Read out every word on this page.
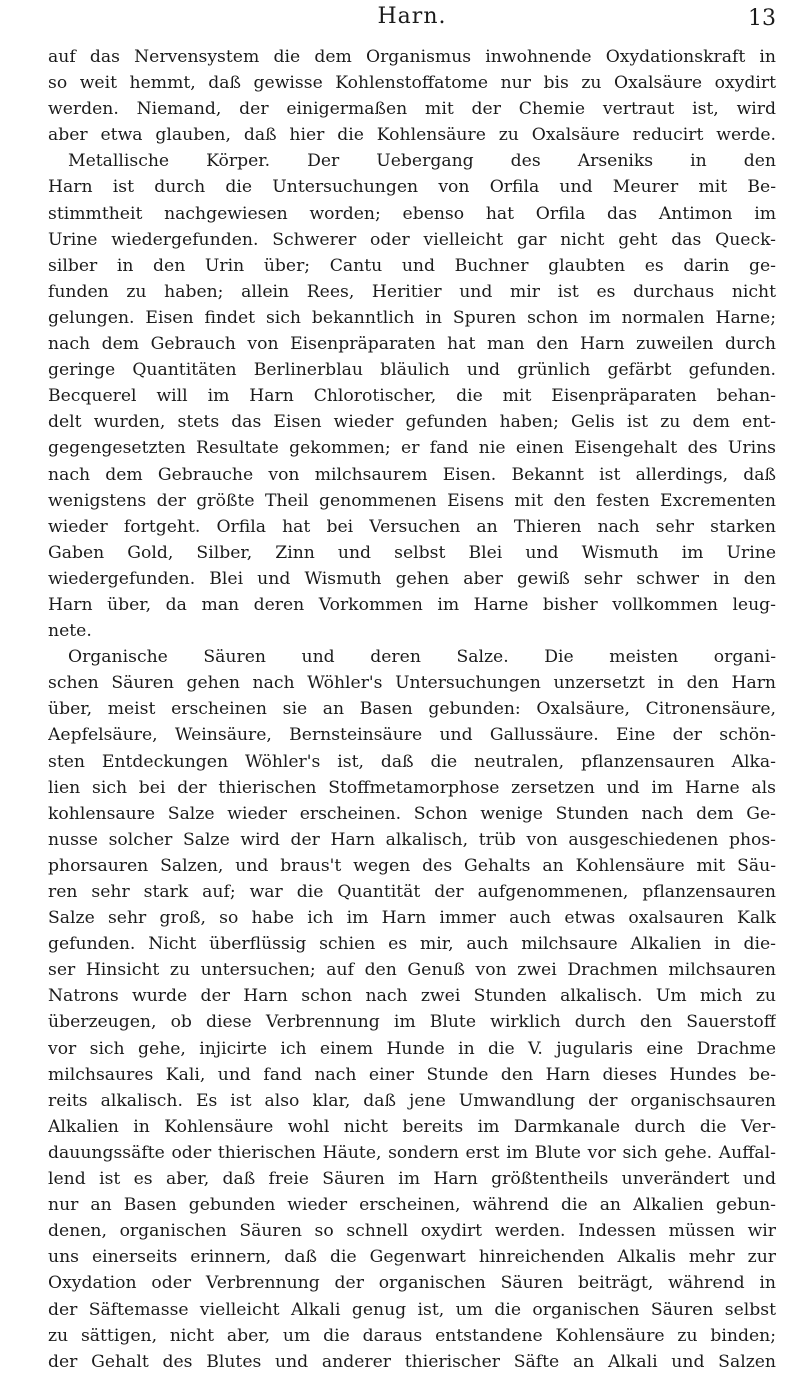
Harn.	13
auf das Nervensystem die dem Organismus inwohnende Oxydationskraft in
so weit hemmt, daß gewisse Kohlenstoffatome nur bis zu Oxalsäure oxydirt
werden. Niemand, der einigermaßen mit der Chemie vertraut ist, wird
aber etwa glauben, daß hier die Kohlensäure zu Oxalsäure reducirt werde.
Metallische Körper. Der Uebergang des Arseniks in den
Harn ist durch die Untersuchungen von Orfila und Meurer mit Be-
stimmtheit nachgewiesen worden; ebenso hat Orfila das Antimon im
Urine wiedergefunden. Schwerer oder vielleicht gar nicht geht das Queck-
silber in den Urin über; Cantu und Buchner glaubten es darin ge-
funden zu haben; allein Rees, Heritier und mir ist es durchaus nicht
gelungen. Eisen findet sich bekanntlich in Spuren schon im normalen Harne;
nach dem Gebrauch von Eisenpräparaten hat man den Harn zuweilen durch
geringe Quantitäten Berlinerblau bläulich und grünlich gefärbt gefunden.
Becquerel will im Harn Chlorotischer, die mit Eisenpräparaten behan-
delt wurden, stets das Eisen wieder gefunden haben; Gelis ist zu dem ent-
gegengesetzten Resultate gekommen; er fand nie einen Eisengehalt des Urins
nach dem Gebrauche von milchsaurem Eisen. Bekannt ist allerdings, daß
wenigstens der größte Theil genommenen Eisens mit den festen Excrementen
wieder fortgeht. Orfila hat bei Versuchen an Thieren nach sehr starken
Gaben Gold, Silber, Zinn und selbst Blei und Wismuth im Urine
wiedergefunden. Blei und Wismuth gehen aber gewiß sehr schwer in den
Harn über, da man deren Vorkommen im Harne bisher vollkommen leug-
nete.
Organische Säuren und deren Salze. Die meisten organi-
schen Säuren gehen nach Wöhler's Untersuchungen unzersetzt in den Harn
über, meist erscheinen sie an Basen gebunden: Oxalsäure, Citronensäure,
Aepfelsäure, Weinsäure, Bernsteinsäure und Gallussäure. Eine der schön-
sten Entdeckungen Wöhler's ist, daß die neutralen, pflanzensauren Alka-
lien sich bei der thierischen Stoffmetamorphose zersetzen und im Harne als
kohlensaure Salze wieder erscheinen. Schon wenige Stunden nach dem Ge-
nusse solcher Salze wird der Harn alkalisch, trüb von ausgeschiedenen phos-
phorsauren Salzen, und braus't wegen des Gehalts an Kohlensäure mit Säu-
ren sehr stark auf; war die Quantität der aufgenommenen, pflanzensauren
Salze sehr groß, so habe ich im Harn immer auch etwas oxalsauren Kalk
gefunden. Nicht überflüssig schien es mir, auch milchsaure Alkalien in die-
ser Hinsicht zu untersuchen; auf den Genuß von zwei Drachmen milchsauren
Natrons wurde der Harn schon nach zwei Stunden alkalisch. Um mich zu
überzeugen, ob diese Verbrennung im Blute wirklich durch den Sauerstoff
vor sich gehe, injicirte ich einem Hunde in die V. jugularis eine Drachme
milchsaures Kali, und fand nach einer Stunde den Harn dieses Hundes be-
reits alkalisch. Es ist also klar, daß jene Umwandlung der organischsauren
Alkalien in Kohlensäure wohl nicht bereits im Darmkanale durch die Ver-
dauungssäfte oder thierischen Häute, sondern erst im Blute vor sich gehe. Auffal-
lend ist es aber, daß freie Säuren im Harn größtentheils unverändert und
nur an Basen gebunden wieder erscheinen, während die an Alkalien gebun-
denen, organischen Säuren so schnell oxydirt werden. Indessen müssen wir
uns einerseits erinnern, daß die Gegenwart hinreichenden Alkalis mehr zur
Oxydation oder Verbrennung der organischen Säuren beiträgt, während in
der Säftemasse vielleicht Alkali genug ist, um die organischen Säuren selbst
zu sättigen, nicht aber, um die daraus entstandene Kohlensäure zu binden;
der Gehalt des Blutes und anderer thierischer Säfte an Alkali und Salzen
